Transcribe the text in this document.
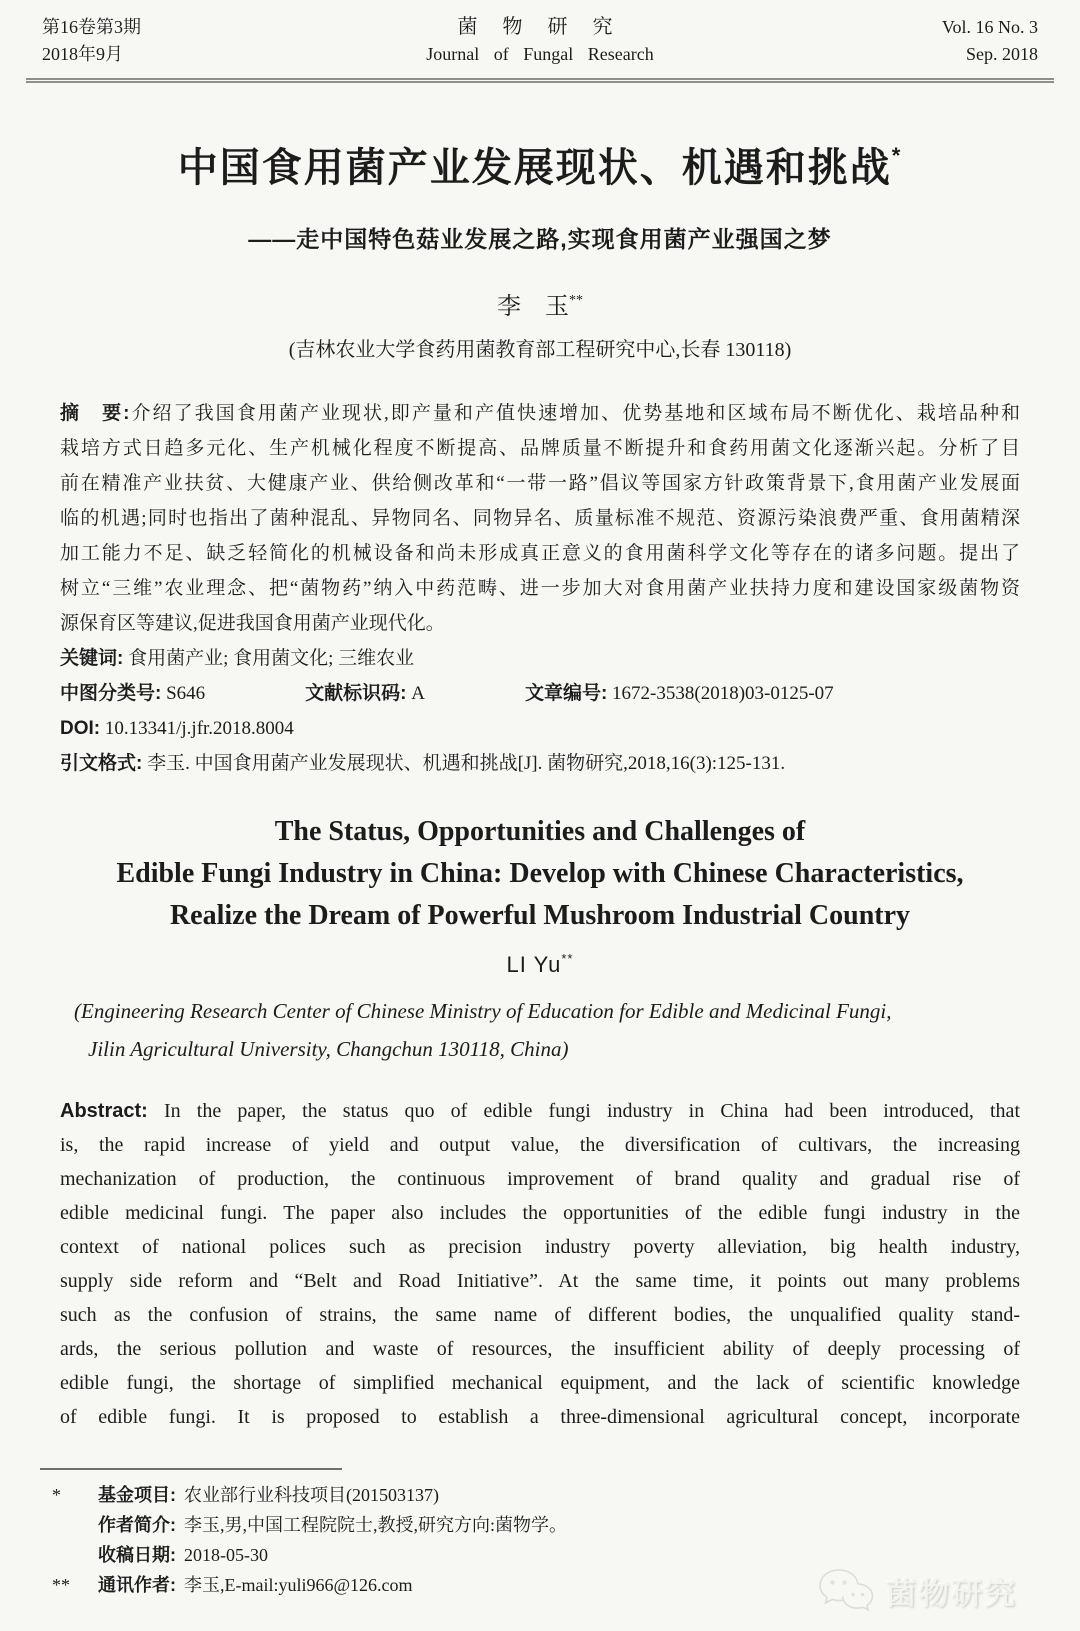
第16卷第3期
2018年9月
菌 物 研 究
Journal of Fungal Research
Vol. 16 No. 3
Sep. 2018
中国食用菌产业发展现状、机遇和挑战*
——走中国特色菇业发展之路,实现食用菌产业强国之梦
李　玉**
(吉林农业大学食药用菌教育部工程研究中心,长春 130118)
摘　要:介绍了我国食用菌产业现状,即产量和产值快速增加、优势基地和区域布局不断优化、栽培品种和
栽培方式日趋多元化、生产机械化程度不断提高、品牌质量不断提升和食药用菌文化逐渐兴起。分析了目
前在精准产业扶贫、大健康产业、供给侧改革和“一带一路”倡议等国家方针政策背景下,食用菌产业发展面
临的机遇;同时也指出了菌种混乱、异物同名、同物异名、质量标准不规范、资源污染浪费严重、食用菌精深
加工能力不足、缺乏轻简化的机械设备和尚未形成真正意义的食用菌科学文化等存在的诸多问题。提出了
树立“三维”农业理念、把“菌物药”纳入中药范畴、进一步加大对食用菌产业扶持力度和建设国家级菌物资
源保育区等建议,促进我国食用菌产业现代化。
关键词: 食用菌产业; 食用菌文化; 三维农业
中图分类号: S646	文献标识码: A	文章编号: 1672-3538(2018)03-0125-07
DOI: 10.13341/j.jfr.2018.8004
引文格式: 李玉. 中国食用菌产业发展现状、机遇和挑战[J]. 菌物研究,2018,16(3):125-131.
The Status, Opportunities and Challenges of
Edible Fungi Industry in China: Develop with Chinese Characteristics,
Realize the Dream of Powerful Mushroom Industrial Country
LI Yu**
(Engineering Research Center of Chinese Ministry of Education for Edible and Medicinal Fungi,
Jilin Agricultural University, Changchun 130118, China)
Abstract: In the paper, the status quo of edible fungi industry in China had been introduced, that
is, the rapid increase of yield and output value, the diversification of cultivars, the increasing
mechanization of production, the continuous improvement of brand quality and gradual rise of
edible medicinal fungi. The paper also includes the opportunities of the edible fungi industry in the
context of national polices such as precision industry poverty alleviation, big health industry,
supply side reform and “Belt and Road Initiative”. At the same time, it points out many problems
such as the confusion of strains, the same name of different bodies, the unqualified quality stand-
ards, the serious pollution and waste of resources, the insufficient ability of deeply processing of
edible fungi, the shortage of simplified mechanical equipment, and the lack of scientific knowledge
of edible fungi. It is proposed to establish a three-dimensional agricultural concept, incorporate
*	基金项目: 农业部行业科技项目(201503137)
作者简介: 李玉,男,中国工程院院士,教授,研究方向:菌物学。
收稿日期: 2018-05-30
**	通讯作者: 李玉,E-mail:yuli966@126.com	菌物研究
